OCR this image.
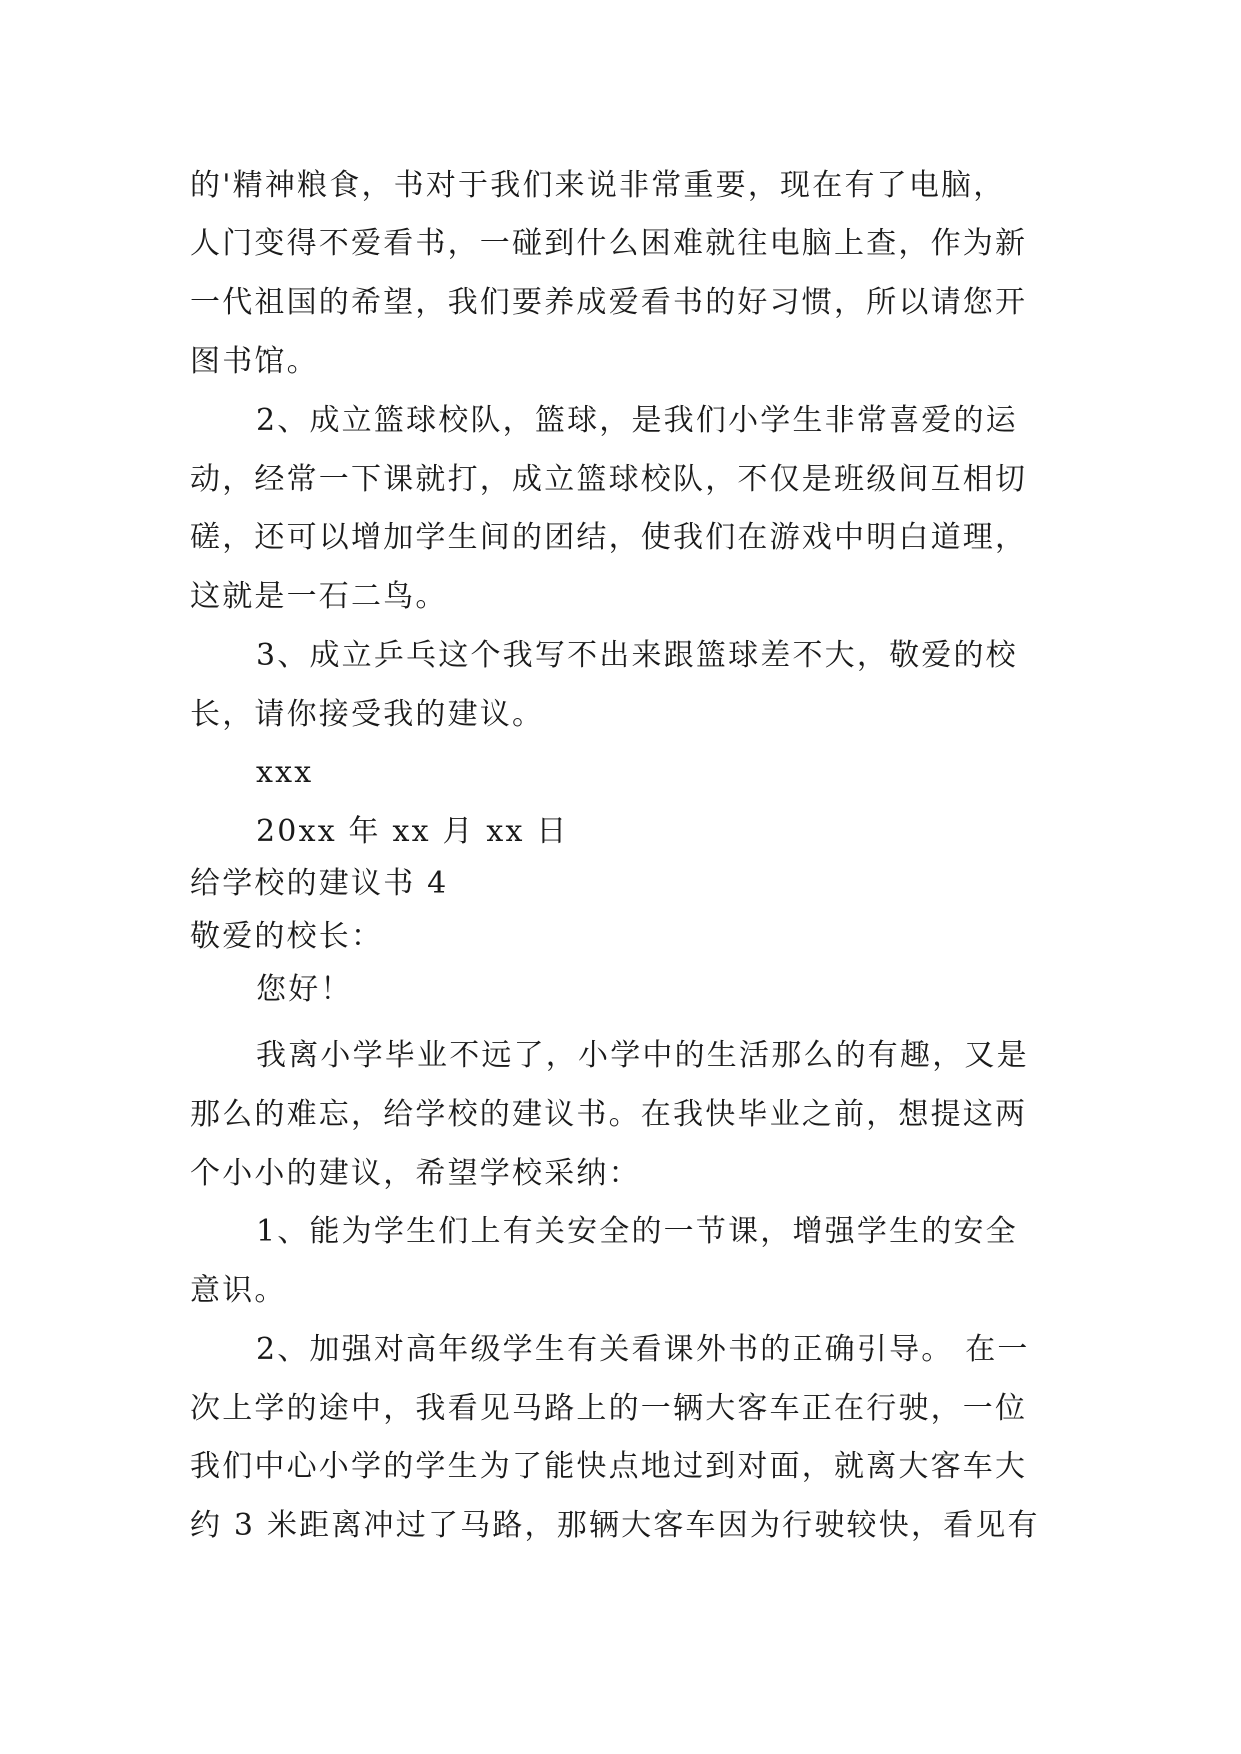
的'精神粮食，书对于我们来说非常重要，现在有了电脑，
人门变得不爱看书，一碰到什么困难就往电脑上查，作为新
一代祖国的希望，我们要养成爱看书的好习惯，所以请您开
图书馆。
2、成立篮球校队，篮球，是我们小学生非常喜爱的运
动，经常一下课就打，成立篮球校队，不仅是班级间互相切
磋，还可以增加学生间的团结，使我们在游戏中明白道理，
这就是一石二鸟。
3、成立乒乓这个我写不出来跟篮球差不大，敬爱的校
长，请你接受我的建议。
xxx
20xx 年 xx 月 xx 日
给学校的建议书 4
敬爱的校长：
您好！
我离小学毕业不远了，小学中的生活那么的有趣，又是
那么的难忘，给学校的建议书。在我快毕业之前，想提这两
个小小的建议，希望学校采纳：
1、能为学生们上有关安全的一节课，增强学生的安全
意识。
2、加强对高年级学生有关看课外书的正确引导。 在一
次上学的途中，我看见马路上的一辆大客车正在行驶，一位
我们中心小学的学生为了能快点地过到对面，就离大客车大
约 3 米距离冲过了马路，那辆大客车因为行驶较快，看见有
